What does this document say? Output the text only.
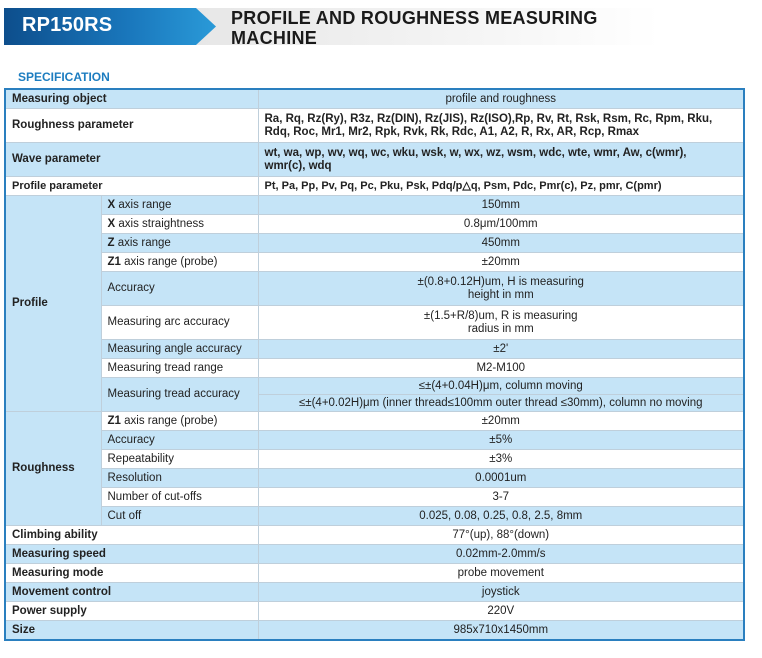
RP150RS	PROFILE AND ROUGHNESS MEASURING
MACHINE
SPECIFICATION
Measuring object		profile and roughness
Roughness parameter		Ra, Rq, Rz(Ry), R3z, Rz(DIN), Rz(JIS), Rz(ISO),Rp, Rv, Rt, Rsk, Rsm, Rc, Rpm, Rku,
Rdq, Roc, Mr1, Mr2, Rpk, Rvk, Rk, Rdc, A1, A2, R, Rx, AR, Rcp, Rmax

Wave parameter		wt, wa, wp, wv, wq, wc, wku, wsk, w, wx, wz, wsm, wdc, wte, wmr, Aw, c(wmr),
wmr(c), wdq

Profile parameter		Pt, Pa, Pp, Pv, Pq, Pc, Pku, Psk, Pdq/p△q, Psm, Pdc, Pmr(c), Pz, pmr, C(pmr)
Profile	X axis range	150mm
	X axis straightness	0.8μm/100mm
	Z axis range	450mm
	Z1 axis range (probe)	±20mm
	Accuracy	±(0.8+0.12H)um, H is measuring
height in mm

	Measuring arc accuracy	±(1.5+R/8)um, R is measuring
radius in mm

	Measuring angle accuracy	±2'
	Measuring tread range	M2-M100
	Measuring tread accuracy	≤±(4+0.04H)μm, column moving
		≤±(4+0.02H)μm (inner thread≤100mm outer thread ≤30mm), column no moving
Roughness	Z1 axis range (probe)	±20mm
	Accuracy	±5%
	Repeatability	±3%
	Resolution	0.0001um
	Number of cut-offs	3-7
	Cut off	0.025, 0.08, 0.25, 0.8, 2.5, 8mm
Climbing ability		77°(up), 88°(down)
Measuring speed		0.02mm-2.0mm/s
Measuring mode		probe movement
Movement control		joystick
Power supply		220V
Size		985x710x1450mm
